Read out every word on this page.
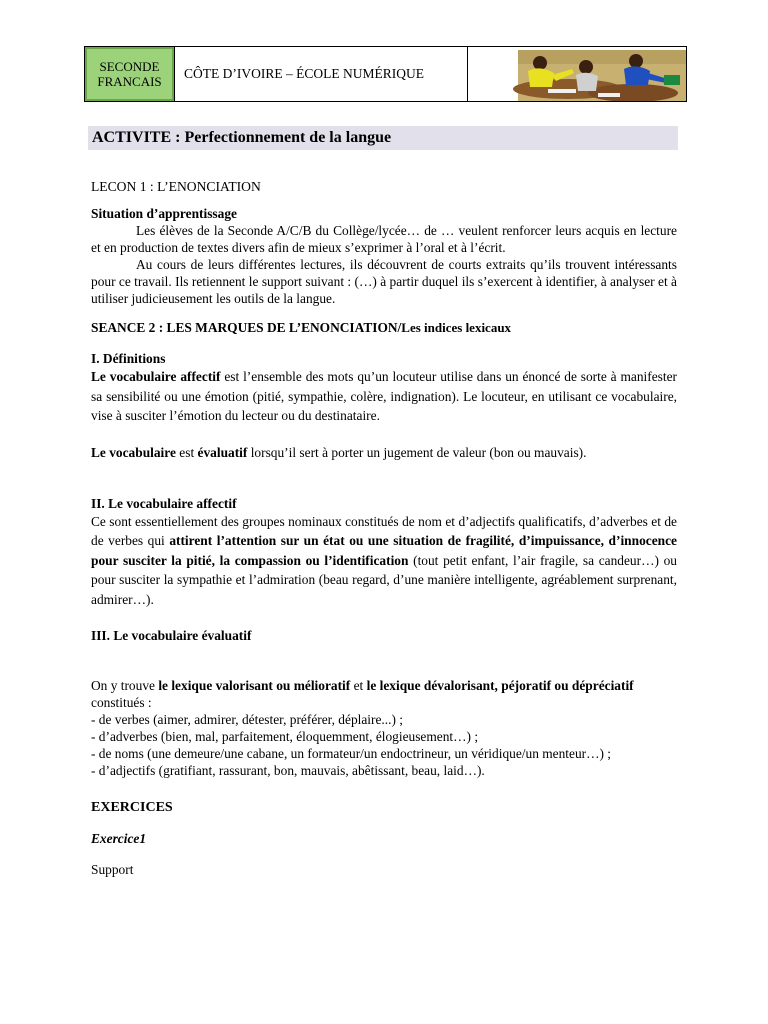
SECONDE
FRANCAIS
CÔTE D’IVOIRE – ÉCOLE NUMÉRIQUE
ACTIVITE : Perfectionnement de la langue

LECON 1 : L’ENONCIATION

Situation d’apprentissage

Les élèves de la Seconde A/C/B du Collège/lycée… de … veulent renforcer leurs acquis en lecture et en production de textes divers afin de mieux s’exprimer à l’oral et à l’écrit.

Au cours de leurs différentes lectures, ils découvrent de courts extraits qu’ils trouvent intéressants pour ce travail. Ils retiennent le support suivant : (…) à partir duquel ils s’exercent à identifier, à analyser et à utiliser judicieusement les outils de la langue.

SEANCE 2 : LES MARQUES DE L’ENONCIATION/Les indices lexicaux

I. Définitions

Le vocabulaire affectif est l’ensemble des mots qu’un locuteur utilise dans un énoncé de sorte à manifester sa sensibilité ou une émotion (pitié, sympathie, colère, indignation). Le locuteur, en utilisant ce vocabulaire, vise à susciter l’émotion du lecteur ou du destinataire.

Le vocabulaire est évaluatif lorsqu’il sert à porter un jugement de valeur (bon ou mauvais).

II. Le vocabulaire affectif

Ce sont essentiellement des groupes nominaux constitués de nom et d’adjectifs qualificatifs, d’adverbes et de de verbes qui attirent l’attention sur un état ou une situation de fragilité, d’impuissance, d’innocence pour susciter la pitié, la compassion ou l’identification (tout petit enfant, l’air fragile, sa candeur…) ou pour susciter la sympathie et l’admiration (beau regard, d’une manière intelligente, agréablement surprenant, admirer…).

III. Le vocabulaire évaluatif

On y trouve le lexique valorisant ou mélioratif et le lexique dévalorisant, péjoratif ou dépréciatif constitués :

- de verbes (aimer, admirer, détester, préférer, déplaire...) ;

- d’adverbes (bien, mal, parfaitement, éloquemment, élogieusement…) ;

- de noms (une demeure/une cabane, un formateur/un endoctrineur, un véridique/un menteur…) ;

- d’adjectifs (gratifiant, rassurant, bon, mauvais, abêtissant, beau, laid…).

EXERCICES

Exercice1

Support
